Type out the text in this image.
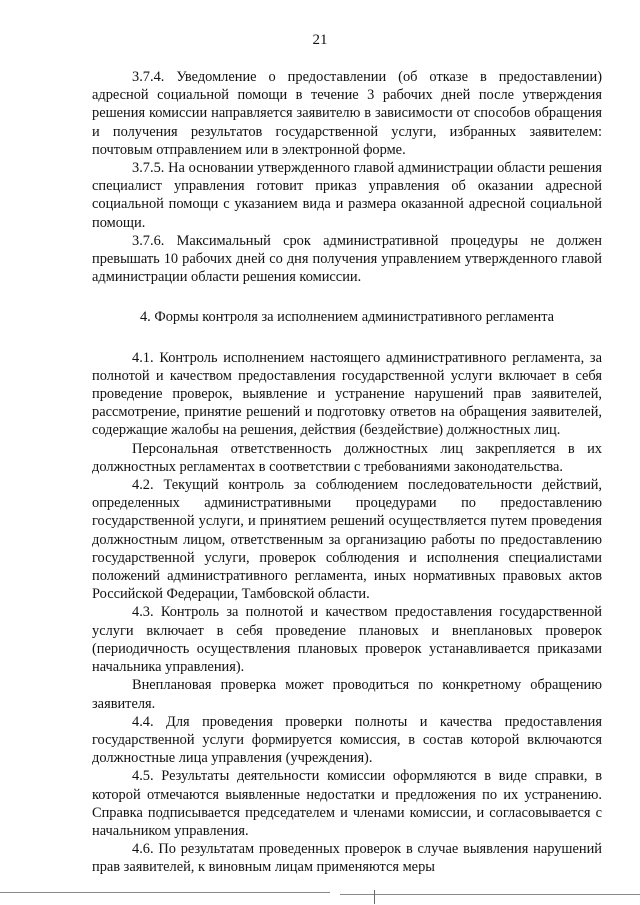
21

3.7.4. Уведомление о предоставлении (об отказе в предоставлении) адресной социальной помощи в течение 3 рабочих дней после утверждения решения комиссии направляется заявителю в зависимости от способов обращения и получения результатов государственной услуги, избранных заявителем: почтовым отправлением или в электронной форме.

3.7.5. На основании утвержденного главой администрации области решения специалист управления готовит приказ управления об оказании адресной социальной помощи с указанием вида и размера оказанной адресной социальной помощи.

3.7.6. Максимальный срок административной процедуры не должен превышать 10 рабочих дней со дня получения управлением утвержденного главой администрации области решения комиссии.

4. Формы контроля за исполнением административного регламента

4.1. Контроль исполнением настоящего административного регламента, за полнотой и качеством предоставления государственной услуги включает в себя проведение проверок, выявление и устранение нарушений прав заявителей, рассмотрение, принятие решений и подготовку ответов на обращения заявителей, содержащие жалобы на решения, действия (бездействие) должностных лиц.

Персональная ответственность должностных лиц закрепляется в их должностных регламентах в соответствии с требованиями законодательства.

4.2. Текущий контроль за соблюдением последовательности действий, определенных административными процедурами по предоставлению государственной услуги, и принятием решений осуществляется путем проведения должностным лицом, ответственным за организацию работы по предоставлению государственной услуги, проверок соблюдения и исполнения специалистами положений административного регламента, иных нормативных правовых актов Российской Федерации, Тамбовской области.

4.3. Контроль за полнотой и качеством предоставления государственной услуги включает в себя проведение плановых и внеплановых проверок (периодичность осуществления плановых проверок устанавливается приказами начальника управления).

Внеплановая проверка может проводиться по конкретному обращению заявителя.

4.4. Для проведения проверки полноты и качества предоставления государственной услуги формируется комиссия, в состав которой включаются должностные лица управления (учреждения).

4.5. Результаты деятельности комиссии оформляются в виде справки, в которой отмечаются выявленные недостатки и предложения по их устранению. Справка подписывается председателем и членами комиссии, и согласовывается с начальником управления.

4.6. По результатам проведенных проверок в случае выявления нарушений прав заявителей, к виновным лицам применяются меры
